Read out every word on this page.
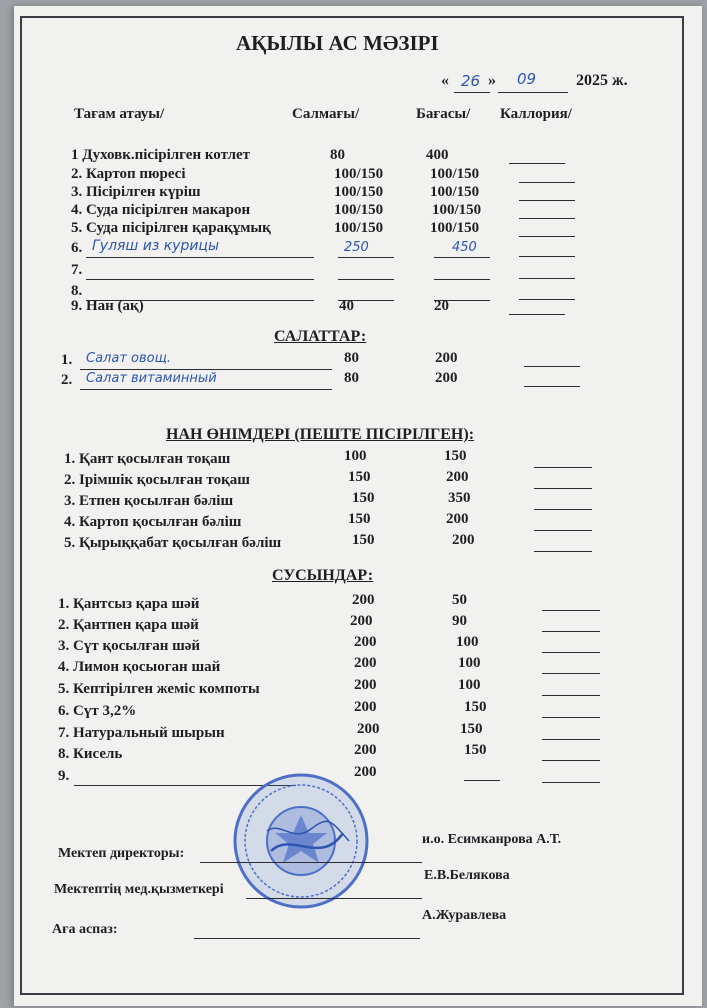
АҚЫЛЫ АС МӘЗІРІ
« 26 » 09 2025 ж.
Тағам атауы/	Салмағы/	Бағасы/ Каллория/
1 Духовк.пісірілген котлет	80	400
2. Картоп пюресі	100/150	100/150
3. Пісірілген күріш	100/150	100/150
4. Суда пісірілген макарон	100/150	100/150
5. Суда пісірілген қарақұмық	100/150	100/150
6. Гуляш из курицы	250	450
7.
8.
9. Нан (ақ)	40	20
САЛАТТАР:
1. Салат овощ.	80	200
2. Салат витаминный	80	200
НАН ӨНІМДЕРІ (ПЕШТЕ ПІСІРІЛГЕН):
1. Қант қосылған тоқаш	100	150
2. Ірімшік қосылған тоқаш	150	200
3. Етпен қосылған бәліш	150	350
4. Картоп қосылған бәліш	150	200
5. Қырыққабат қосылған бәліш	150	200
СУСЫНДАР:
1. Қантсыз қара шәй	200	50
2. Қантпен қара шәй	200	90
3. Сүт қосылған шәй	200	100
4. Лимон қосыоган шай	200	100
5. Кептірілген жеміс компоты	200	100
6. Сүт 3,2%	200	150
7. Натуральный шырын	200	150
8. Кисель	200	150
9.	200
Мектеп директоры:
и.о. Есимканрова А.Т.
Мектептің мед.қызметкері
Е.В.Белякова
Аға аспаз:
А.Журавлева
